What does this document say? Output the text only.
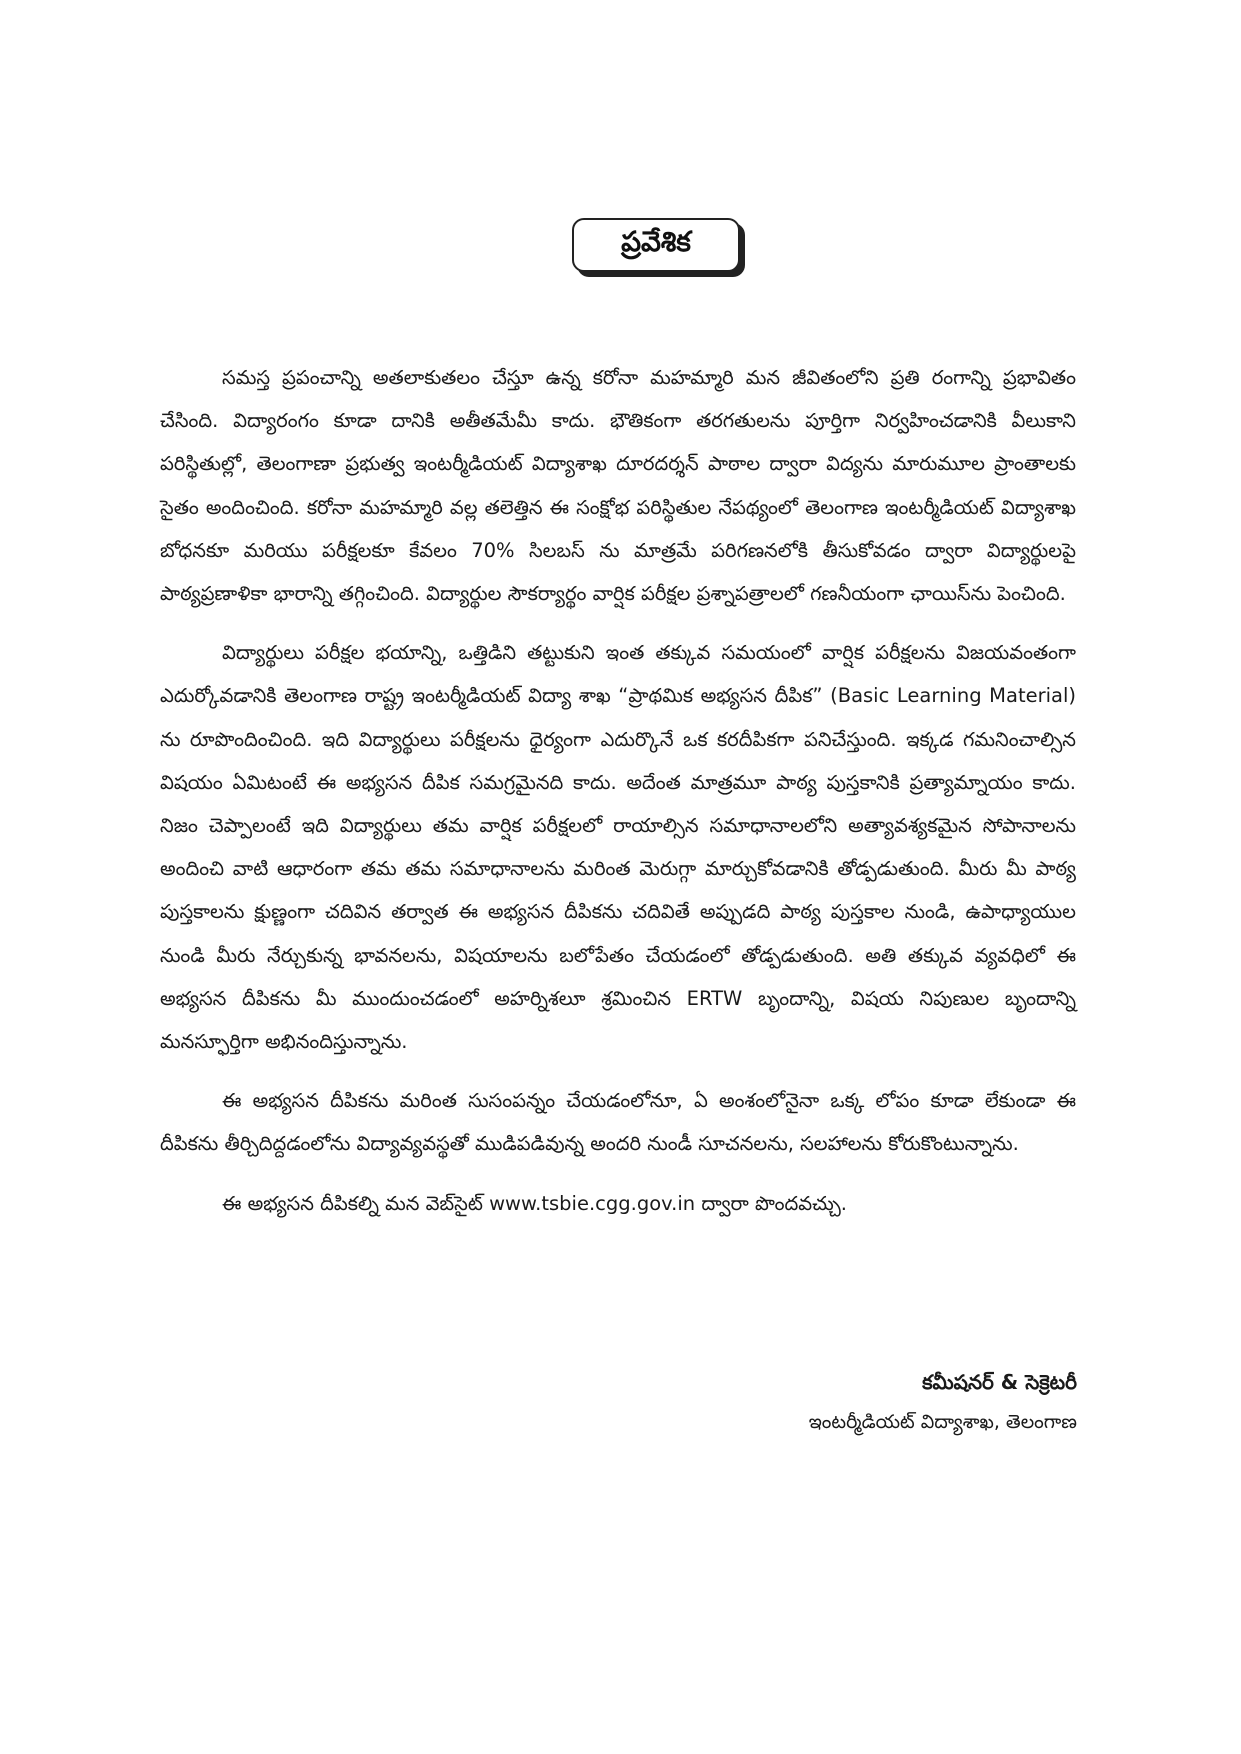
ప్రవేశిక

సమస్త ప్రపంచాన్ని అతలాకుతలం చేస్తూ ఉన్న కరోనా మహమ్మారి మన జీవితంలోని ప్రతి రంగాన్ని ప్రభావితం చేసింది. విద్యారంగం కూడా దానికి అతీతమేమీ కాదు. భౌతికంగా తరగతులను పూర్తిగా నిర్వహించడానికి వీలుకాని పరిస్థితుల్లో, తెలంగాణా ప్రభుత్వ ఇంటర్మీడియట్ విద్యాశాఖ దూరదర్శన్ పాఠాల ద్వారా విద్యను మారుమూల ప్రాంతాలకు సైతం అందించింది. కరోనా మహమ్మారి వల్ల తలెత్తిన ఈ సంక్షోభ పరిస్థితుల నేపథ్యంలో తెలంగాణ ఇంటర్మీడియట్ విద్యాశాఖ బోధనకూ మరియు పరీక్షలకూ కేవలం 70% సిలబస్ ను మాత్రమే పరిగణనలోకి తీసుకోవడం ద్వారా విద్యార్థులపై పాఠ్యప్రణాళికా భారాన్ని తగ్గించింది. విద్యార్థుల సౌకర్యార్థం వార్షిక పరీక్షల ప్రశ్నాపత్రాలలో గణనీయంగా ఛాయిస్‌ను పెంచింది.

విద్యార్థులు పరీక్షల భయాన్ని, ఒత్తిడిని తట్టుకుని ఇంత తక్కువ సమయంలో వార్షిక పరీక్షలను విజయవంతంగా ఎదుర్కోవడానికి తెలంగాణ రాష్ట్ర ఇంటర్మీడియట్ విద్యా శాఖ “ప్రాథమిక అభ్యసన దీపిక” (Basic Learning Material) ను రూపొందించింది. ఇది విద్యార్థులు పరీక్షలను ధైర్యంగా ఎదుర్కొనే ఒక కరదీపికగా పనిచేస్తుంది. ఇక్కడ గమనించాల్సిన విషయం ఏమిటంటే ఈ అభ్యసన దీపిక సమగ్రమైనది కాదు. అదేంత మాత్రమూ పాఠ్య పుస్తకానికి ప్రత్యామ్నాయం కాదు. నిజం చెప్పాలంటే ఇది విద్యార్థులు తమ వార్షిక పరీక్షలలో రాయాల్సిన సమాధానాలలోని అత్యావశ్యకమైన సోపానాలను అందించి వాటి ఆధారంగా తమ తమ సమాధానాలను మరింత మెరుగ్గా మార్చుకోవడానికి తోడ్పడుతుంది. మీరు మీ పాఠ్య పుస్తకాలను క్షుణ్ణంగా చదివిన తర్వాత ఈ అభ్యసన దీపికను చదివితే అప్పుడది పాఠ్య పుస్తకాల నుండి, ఉపాధ్యాయుల నుండి మీరు నేర్చుకున్న భావనలను, విషయాలను బలోపేతం చేయడంలో తోడ్పడుతుంది. అతి తక్కువ వ్యవధిలో ఈ అభ్యసన దీపికను మీ ముందుంచడంలో అహర్నిశలూ శ్రమించిన ERTW బృందాన్ని, విషయ నిపుణుల బృందాన్ని మనస్ఫూర్తిగా అభినందిస్తున్నాను.

ఈ అభ్యసన దీపికను మరింత సుసంపన్నం చేయడంలోనూ, ఏ అంశంలోనైనా ఒక్క లోపం కూడా లేకుండా ఈ దీపికను తీర్చిదిద్దడంలోను విద్యావ్యవస్థతో ముడిపడివున్న అందరి నుండీ సూచనలను, సలహాలను కోరుకొంటున్నాను.

ఈ అభ్యసన దీపికల్ని మన వెబ్‌సైట్ www.tsbie.cgg.gov.in ద్వారా పొందవచ్చు.

కమీషనర్ & సెక్రెటరీ
ఇంటర్మీడియట్ విద్యాశాఖ, తెలంగాణ
